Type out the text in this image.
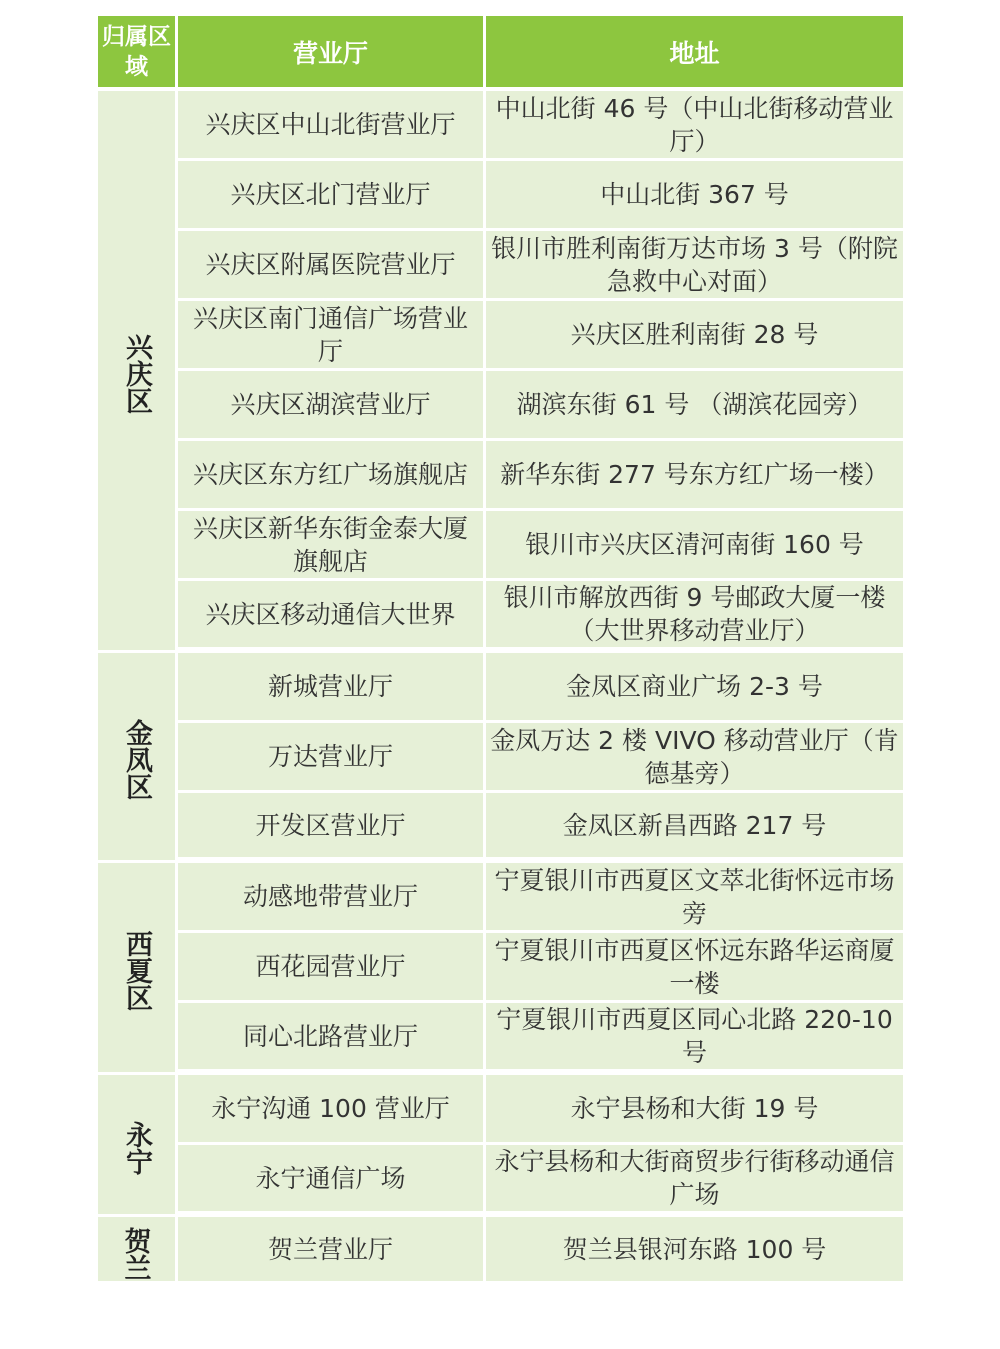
归属区域	营业厅	地址
兴庆区	兴庆区中山北街营业厅	中山北街 46 号（中山北街移动营业厅）
	兴庆区北门营业厅	中山北街 367 号
	兴庆区附属医院营业厅	银川市胜利南街万达市场 3 号（附院急救中心对面）
	兴庆区南门通信广场营业厅	兴庆区胜利南街 28 号
	兴庆区湖滨营业厅	湖滨东街 61 号 （湖滨花园旁）
	兴庆区东方红广场旗舰店	新华东街 277 号东方红广场一楼）
	兴庆区新华东街金泰大厦旗舰店	银川市兴庆区清河南街 160 号
	兴庆区移动通信大世界	银川市解放西街 9 号邮政大厦一楼（大世界移动营业厅）
金凤区	新城营业厅	金凤区商业广场 2-3 号
	万达营业厅	金凤万达 2 楼 VIVO 移动营业厅（肯德基旁）
	开发区营业厅	金凤区新昌西路 217 号
西夏区	动感地带营业厅	宁夏银川市西夏区文萃北街怀远市场旁
	西花园营业厅	宁夏银川市西夏区怀远东路华运商厦一楼
	同心北路营业厅	宁夏银川市西夏区同心北路 220-10 号
永宁	永宁沟通 100 营业厅	永宁县杨和大街 19 号
	永宁通信广场	永宁县杨和大街商贸步行街移动通信广场
贺兰	贺兰营业厅	贺兰县银河东路 100 号
